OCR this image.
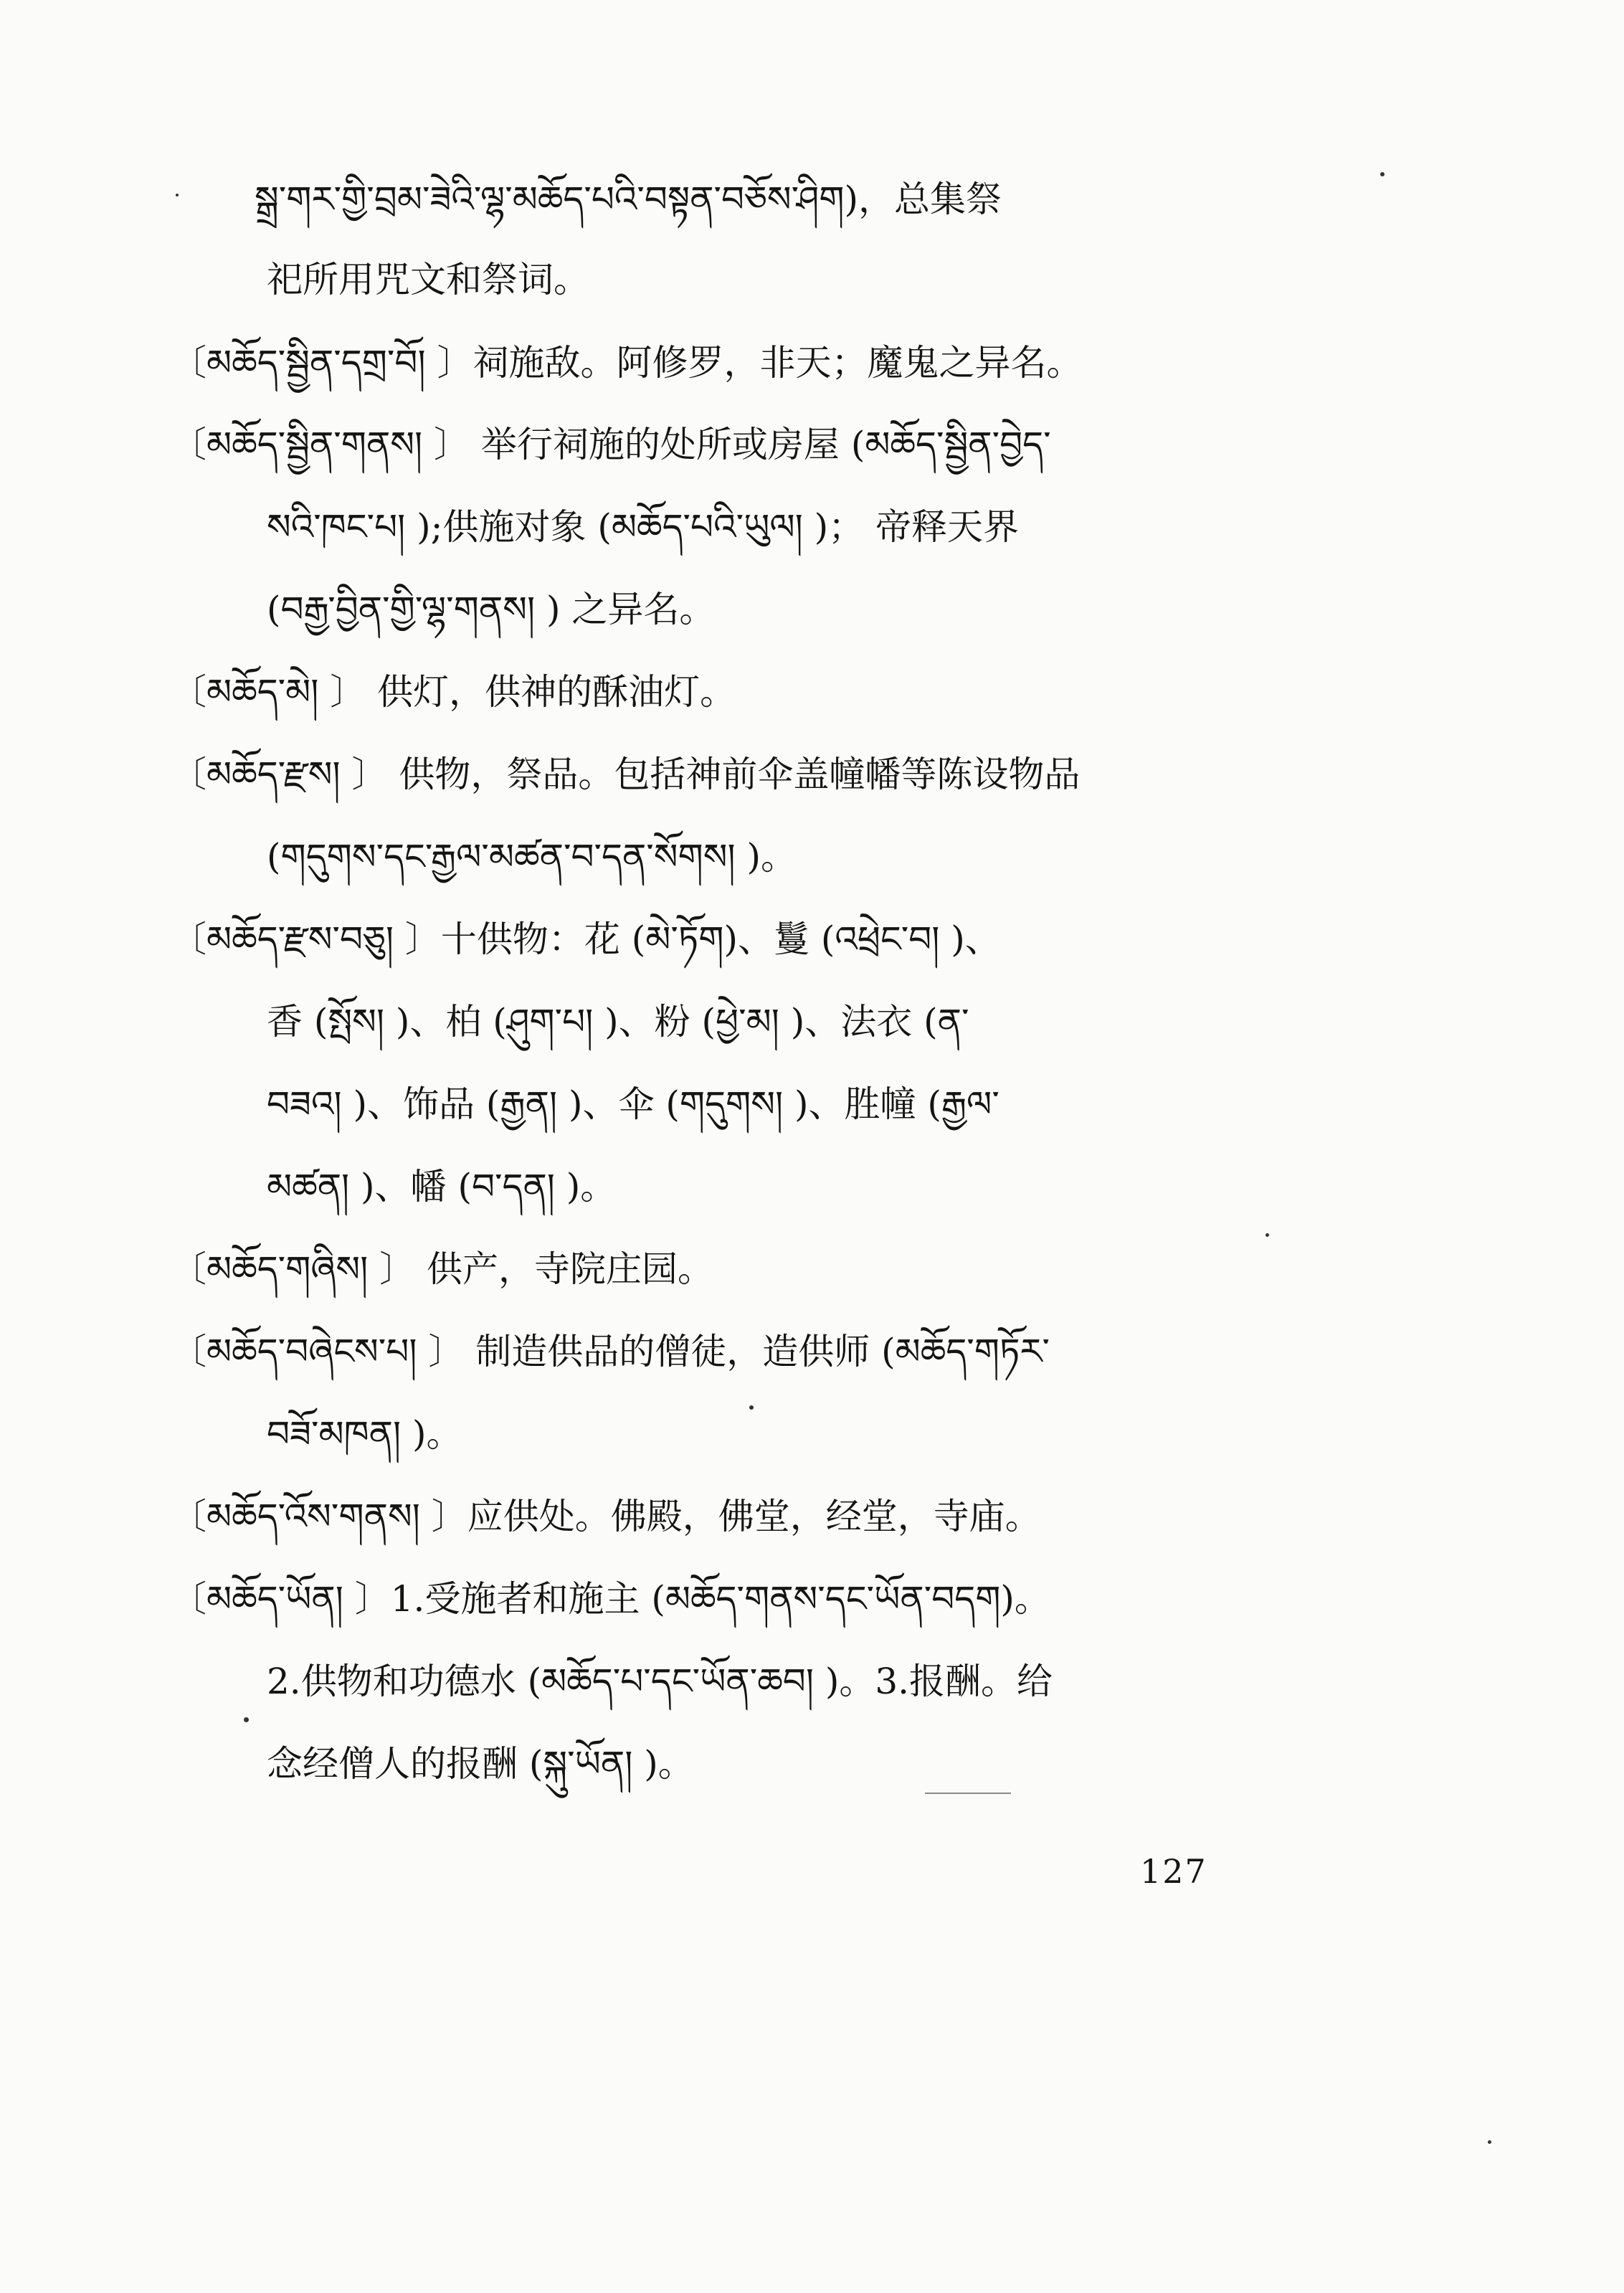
སྒྲ་གར་གྱི་བྲམ་ཟེའི་ལྷ་མཆོད་པའི་བསྟན་བཅོས་ཤིག)，总集祭
祀所用咒文和祭词。
〔མཆོད་སྦྱིན་དགྲ་བོ། 〕祠施敌。阿修罗，非天；魔鬼之异名。
〔མཆོད་སྦྱིན་གནས། 〕 举行祠施的处所或房屋 (མཆོད་སྦྱིན་བྱེད་
སའི་ཁང་པ། );供施对象 (མཆོད་པའི་ཡུལ། )； 帝释天界
(བརྒྱ་བྱིན་གྱི་ལྷ་གནས། ) 之异名。
〔མཆོད་མེ། 〕 供灯，供神的酥油灯。
〔མཆོད་རྫས། 〕 供物，祭品。包括神前伞盖幢幡等陈设物品
(གདུགས་དང་རྒྱལ་མཚན་བ་དན་སོགས། )。
〔མཆོད་རྫས་བཅུ། 〕十供物：花 (མེ་ཏོག)、鬘 (འཕྲེང་བ། )、
香 (སྤོས། )、柏 (ཤུག་པ། )、粉 (ཕྱེ་མ། )、法衣 (ན་
བཟའ། )、饰品 (རྒྱན། )、伞 (གདུགས། )、胜幢 (རྒྱལ་
མཚན། )、幡 (བ་དན། )。
〔མཆོད་གཞིས། 〕 供产，寺院庄园。
〔མཆོད་བཞེངས་པ། 〕 制造供品的僧徒，造供师 (མཆོད་གཏོར་
བཟོ་མཁན། )。
〔མཆོད་འོས་གནས། 〕应供处。佛殿，佛堂，经堂，寺庙。
〔མཆོད་ཡོན། 〕1.受施者和施主 (མཆོད་གནས་དང་ཡོན་བདག)。
2.供物和功德水 (མཆོད་པ་དང་ཡོན་ཆབ། )。3.报酬。给
念经僧人的报酬 (སྐུ་ཡོན། )。
127
